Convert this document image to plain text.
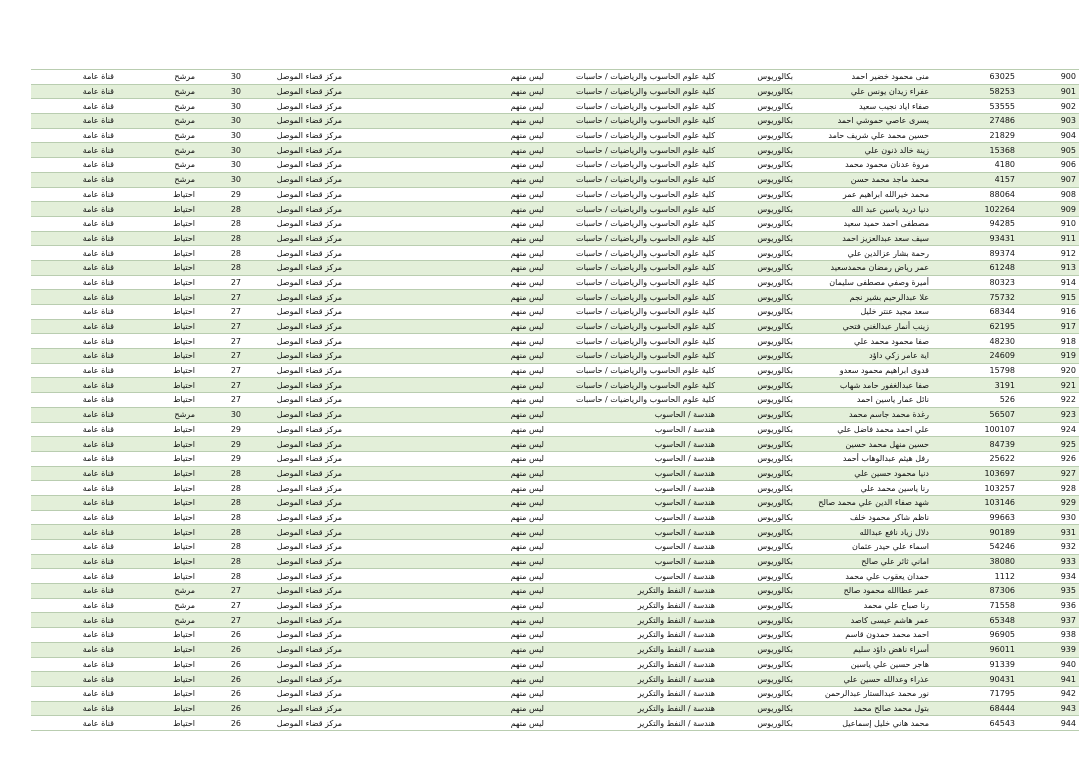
قناة عامة	مرشح	30	مركز قضاء الموصل		ليس منهم	كلية علوم الحاسوب والرياضيات / حاسبات	بكالوريوس	منى محمود خضير احمد	63025	900
قناة عامة	مرشح	30	مركز قضاء الموصل		ليس منهم	كلية علوم الحاسوب والرياضيات / حاسبات	بكالوريوس	عفراء زيدان يونس علي	58253	901
قناة عامة	مرشح	30	مركز قضاء الموصل		ليس منهم	كلية علوم الحاسوب والرياضيات / حاسبات	بكالوريوس	صفاء اياد نجيب سعيد	53555	902
قناة عامة	مرشح	30	مركز قضاء الموصل		ليس منهم	كلية علوم الحاسوب والرياضيات / حاسبات	بكالوريوس	يسرى عاصي حموشي احمد	27486	903
قناة عامة	مرشح	30	مركز قضاء الموصل		ليس منهم	كلية علوم الحاسوب والرياضيات / حاسبات	بكالوريوس	حسين محمد علي شريف حامد	21829	904
قناة عامة	مرشح	30	مركز قضاء الموصل		ليس منهم	كلية علوم الحاسوب والرياضيات / حاسبات	بكالوريوس	زينة خالد ذنون علي	15368	905
قناة عامة	مرشح	30	مركز قضاء الموصل		ليس منهم	كلية علوم الحاسوب والرياضيات / حاسبات	بكالوريوس	مروة عدنان محمود محمد	4180	906
قناة عامة	مرشح	30	مركز قضاء الموصل		ليس منهم	كلية علوم الحاسوب والرياضيات / حاسبات	بكالوريوس	محمد ماجد محمد حسن	4157	907
قناة عامة	احتياط	29	مركز قضاء الموصل		ليس منهم	كلية علوم الحاسوب والرياضيات / حاسبات	بكالوريوس	محمد خيرالله ابراهيم عمر	88064	908
قناة عامة	احتياط	28	مركز قضاء الموصل		ليس منهم	كلية علوم الحاسوب والرياضيات / حاسبات	بكالوريوس	دنيا دريد ياسين عبد الله	102264	909
قناة عامة	احتياط	28	مركز قضاء الموصل		ليس منهم	كلية علوم الحاسوب والرياضيات / حاسبات	بكالوريوس	مصطفى احمد حميد سعيد	94285	910
قناة عامة	احتياط	28	مركز قضاء الموصل		ليس منهم	كلية علوم الحاسوب والرياضيات / حاسبات	بكالوريوس	سيف سعد عبدالعزيز احمد	93431	911
قناة عامة	احتياط	28	مركز قضاء الموصل		ليس منهم	كلية علوم الحاسوب والرياضيات / حاسبات	بكالوريوس	رحمة بشار عزالدين علي	89374	912
قناة عامة	احتياط	28	مركز قضاء الموصل		ليس منهم	كلية علوم الحاسوب والرياضيات / حاسبات	بكالوريوس	عمر رياض رمضان محمدسعيد	61248	913
قناة عامة	احتياط	27	مركز قضاء الموصل		ليس منهم	كلية علوم الحاسوب والرياضيات / حاسبات	بكالوريوس	أميرة وصفي مصطفى سليمان	80323	914
قناة عامة	احتياط	27	مركز قضاء الموصل		ليس منهم	كلية علوم الحاسوب والرياضيات / حاسبات	بكالوريوس	علا عبدالرحيم بشير نجم	75732	915
قناة عامة	احتياط	27	مركز قضاء الموصل		ليس منهم	كلية علوم الحاسوب والرياضيات / حاسبات	بكالوريوس	سعد مجيد عنتر خليل	68344	916
قناة عامة	احتياط	27	مركز قضاء الموصل		ليس منهم	كلية علوم الحاسوب والرياضيات / حاسبات	بكالوريوس	زينب أنمار عبدالغني فتحي	62195	917
قناة عامة	احتياط	27	مركز قضاء الموصل		ليس منهم	كلية علوم الحاسوب والرياضيات / حاسبات	بكالوريوس	صفا محمود محمد علي	48230	918
قناة عامة	احتياط	27	مركز قضاء الموصل		ليس منهم	كلية علوم الحاسوب والرياضيات / حاسبات	بكالوريوس	اية عامر زكي داؤد	24609	919
قناة عامة	احتياط	27	مركز قضاء الموصل		ليس منهم	كلية علوم الحاسوب والرياضيات / حاسبات	بكالوريوس	قدوى ابراهيم محمود سعدو	15798	920
قناة عامة	احتياط	27	مركز قضاء الموصل		ليس منهم	كلية علوم الحاسوب والرياضيات / حاسبات	بكالوريوس	صفا عبدالغفور حامد شهاب	3191	921
قناة عامة	احتياط	27	مركز قضاء الموصل		ليس منهم	كلية علوم الحاسوب والرياضيات / حاسبات	بكالوريوس	نائل عمار ياسين احمد	526	922
قناة عامة	مرشح	30	مركز قضاء الموصل		ليس منهم	هندسة / الحاسوب	بكالوريوس	رغدة محمد جاسم محمد	56507	923
قناة عامة	احتياط	29	مركز قضاء الموصل		ليس منهم	هندسة / الحاسوب	بكالوريوس	علي احمد محمد فاضل علي	100107	924
قناة عامة	احتياط	29	مركز قضاء الموصل		ليس منهم	هندسة / الحاسوب	بكالوريوس	حسين منهل محمد حسين	84739	925
قناة عامة	احتياط	29	مركز قضاء الموصل		ليس منهم	هندسة / الحاسوب	بكالوريوس	رفل هيثم عبدالوهاب أحمد	25622	926
قناة عامة	احتياط	28	مركز قضاء الموصل		ليس منهم	هندسة / الحاسوب	بكالوريوس	دنيا محمود حسين علي	103697	927
قناة عامة	احتياط	28	مركز قضاء الموصل		ليس منهم	هندسة / الحاسوب	بكالوريوس	رنا ياسين محمد علي	103257	928
قناة عامة	احتياط	28	مركز قضاء الموصل		ليس منهم	هندسة / الحاسوب	بكالوريوس	شهد صفاء الدين علي محمد صالح	103146	929
قناة عامة	احتياط	28	مركز قضاء الموصل		ليس منهم	هندسة / الحاسوب	بكالوريوس	ناظم شاكر محمود خلف	99663	930
قناة عامة	احتياط	28	مركز قضاء الموصل		ليس منهم	هندسة / الحاسوب	بكالوريوس	دلال زياد نافع عبدالله	90189	931
قناة عامة	احتياط	28	مركز قضاء الموصل		ليس منهم	هندسة / الحاسوب	بكالوريوس	اسماء علي حيدر عثمان	54246	932
قناة عامة	احتياط	28	مركز قضاء الموصل		ليس منهم	هندسة / الحاسوب	بكالوريوس	اماني ثائر علي صالح	38080	933
قناة عامة	احتياط	28	مركز قضاء الموصل		ليس منهم	هندسة / الحاسوب	بكالوريوس	حمدان يعقوب علي محمد	1112	934
قناة عامة	مرشح	27	مركز قضاء الموصل		ليس منهم	هندسة / النفط والتكرير	بكالوريوس	عمر عطاالله محمود صالح	87306	935
قناة عامة	مرشح	27	مركز قضاء الموصل		ليس منهم	هندسة / النفط والتكرير	بكالوريوس	رنا صباح علي محمد	71558	936
قناة عامة	مرشح	27	مركز قضاء الموصل		ليس منهم	هندسة / النفط والتكرير	بكالوريوس	عمر هاشم عيسى كاصد	65348	937
قناة عامة	احتياط	26	مركز قضاء الموصل		ليس منهم	هندسة / النفط والتكرير	بكالوريوس	احمد محمد حمدون قاسم	96905	938
قناة عامة	احتياط	26	مركز قضاء الموصل		ليس منهم	هندسة / النفط والتكرير	بكالوريوس	أسراء ناهض داؤد سليم	96011	939
قناة عامة	احتياط	26	مركز قضاء الموصل		ليس منهم	هندسة / النفط والتكرير	بكالوريوس	هاجر حسين علي ياسين	91339	940
قناة عامة	احتياط	26	مركز قضاء الموصل		ليس منهم	هندسة / النفط والتكرير	بكالوريوس	عذراء وعدالله حسين علي	90431	941
قناة عامة	احتياط	26	مركز قضاء الموصل		ليس منهم	هندسة / النفط والتكرير	بكالوريوس	نور محمد عبدالستار عبدالرحمن	71795	942
قناة عامة	احتياط	26	مركز قضاء الموصل		ليس منهم	هندسة / النفط والتكرير	بكالوريوس	بتول محمد صالح محمد	68444	943
قناة عامة	احتياط	26	مركز قضاء الموصل		ليس منهم	هندسة / النفط والتكرير	بكالوريوس	محمد هاني خليل إسماعيل	64543	944
